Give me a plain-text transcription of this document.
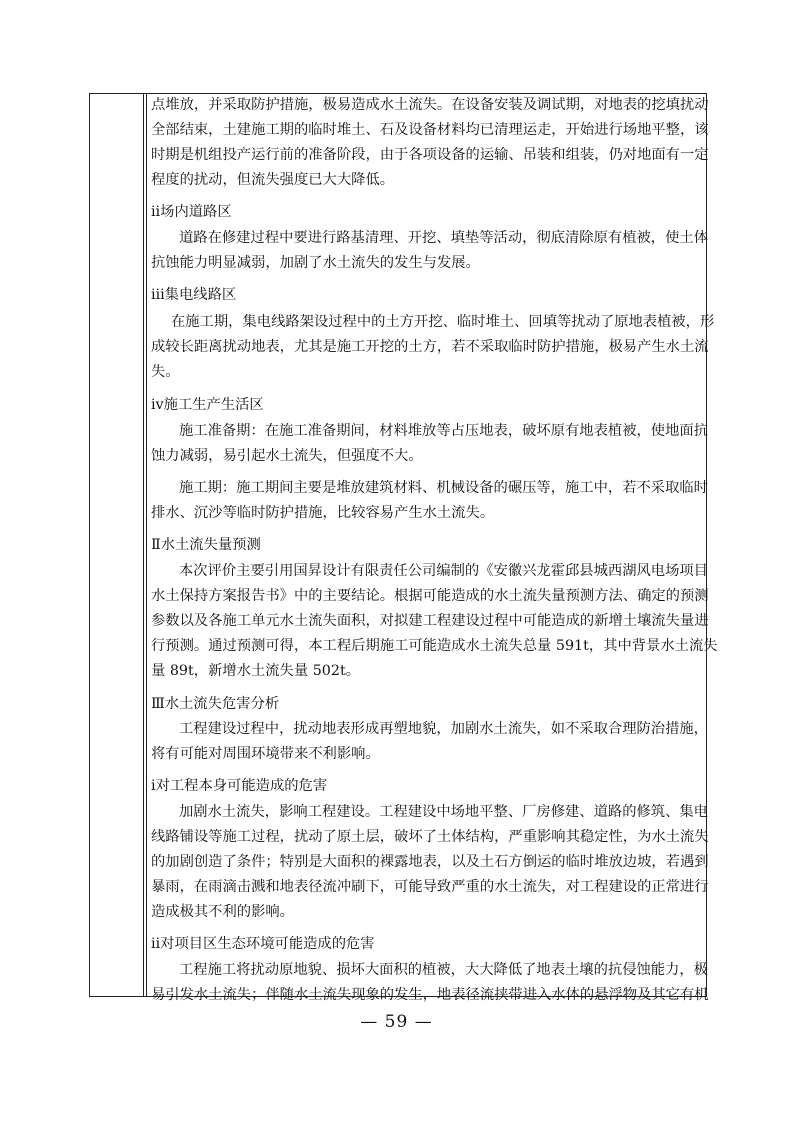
点堆放，并采取防护措施，极易造成水土流失。在设备安装及调试期，对地表的挖填扰动
全部结束，土建施工期的临时堆土、石及设备材料均已清理运走，开始进行场地平整，该
时期是机组投产运行前的准备阶段，由于各项设备的运输、吊装和组装，仍对地面有一定
程度的扰动，但流失强度已大大降低。
ⅱ场内道路区
道路在修建过程中要进行路基清理、开挖、填垫等活动，彻底清除原有植被，使土体
抗蚀能力明显减弱，加剧了水土流失的发生与发展。
ⅲ集电线路区
在施工期，集电线路架设过程中的土方开挖、临时堆土、回填等扰动了原地表植被，形
成较长距离扰动地表，尤其是施工开挖的土方，若不采取临时防护措施，极易产生水土流
失。
ⅳ施工生产生活区
施工准备期：在施工准备期间，材料堆放等占压地表，破坏原有地表植被，使地面抗
蚀力减弱，易引起水土流失，但强度不大。
施工期：施工期间主要是堆放建筑材料、机械设备的碾压等，施工中，若不采取临时
排水、沉沙等临时防护措施，比较容易产生水土流失。
Ⅱ水土流失量预测
本次评价主要引用国昇设计有限责任公司编制的《安徽兴龙霍邱县城西湖风电场项目
水土保持方案报告书》中的主要结论。根据可能造成的水土流失量预测方法、确定的预测
参数以及各施工单元水土流失面积，对拟建工程建设过程中可能造成的新增土壤流失量进
行预测。通过预测可得，本工程后期施工可能造成水土流失总量 591t，其中背景水土流失
量 89t，新增水土流失量 502t。
Ⅲ水土流失危害分析
工程建设过程中，扰动地表形成再塑地貌，加剧水土流失，如不采取合理防治措施，
将有可能对周围环境带来不利影响。
ⅰ对工程本身可能造成的危害
加剧水土流失，影响工程建设。工程建设中场地平整、厂房修建、道路的修筑、集电
线路铺设等施工过程，扰动了原土层，破坏了土体结构，严重影响其稳定性，为水土流失
的加剧创造了条件；特别是大面积的裸露地表，以及土石方倒运的临时堆放边坡，若遇到
暴雨，在雨滴击溅和地表径流冲刷下，可能导致严重的水土流失，对工程建设的正常进行
造成极其不利的影响。
ⅱ对项目区生态环境可能造成的危害
工程施工将扰动原地貌、损坏大面积的植被，大大降低了地表土壤的抗侵蚀能力，极
易引发水土流失；伴随水土流失现象的发生，地表径流挟带进入水体的悬浮物及其它有机
— 59 —
